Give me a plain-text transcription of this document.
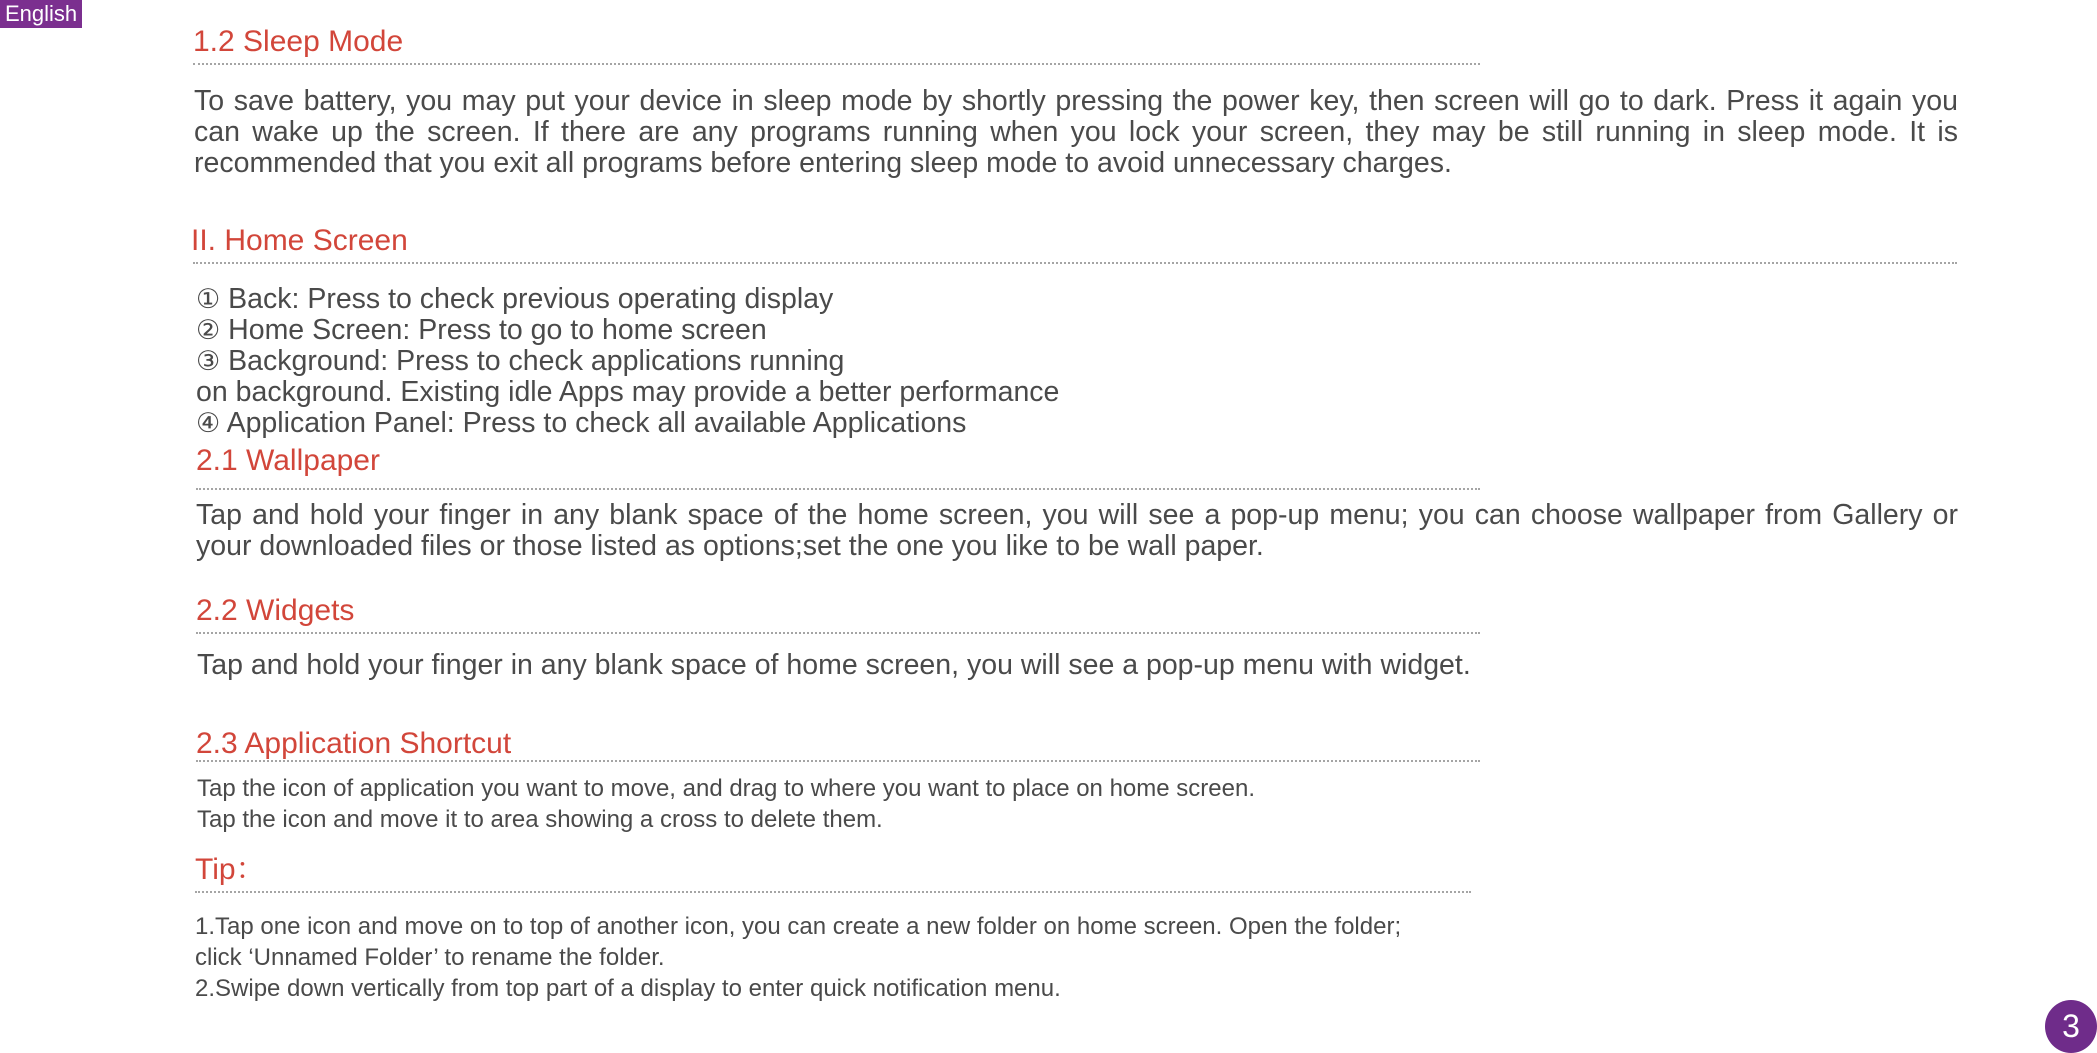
English
1.2 Sleep Mode

To save battery, you may put your device in sleep mode by shortly pressing the power key, then screen will go to dark. Press it again you can wake up the screen. If there are any programs running when you lock your screen, they may be still running in sleep mode. It is recommended that you exit all programs before entering sleep mode to avoid unnecessary charges.

II. Home Screen
① Back: Press to check previous operating display
② Home Screen: Press to go to home screen
③ Background: Press to check applications running
on background. Existing idle Apps may provide a better performance
④ Application Panel: Press to check all available Applications
2.1 Wallpaper

Tap and hold your finger in any blank space of the home screen, you will see a pop-up menu; you can choose wallpaper from Gallery or your downloaded files or those listed as options;set the one you like to be wall paper.

2.2 Widgets

Tap and hold your finger in any blank space of home screen, you will see a pop-up menu with widget.

2.3 Application Shortcut

Tap the icon of application you want to move, and drag to where you want to place on home screen.

Tap the icon and move it to area showing a cross to delete them.

Tip：

1.Tap one icon and move on to top of another icon, you can create a new folder on home screen. Open the folder;

click ‘Unnamed Folder’ to rename the folder.

2.Swipe down vertically from top part of a display to enter quick notification menu.

3
